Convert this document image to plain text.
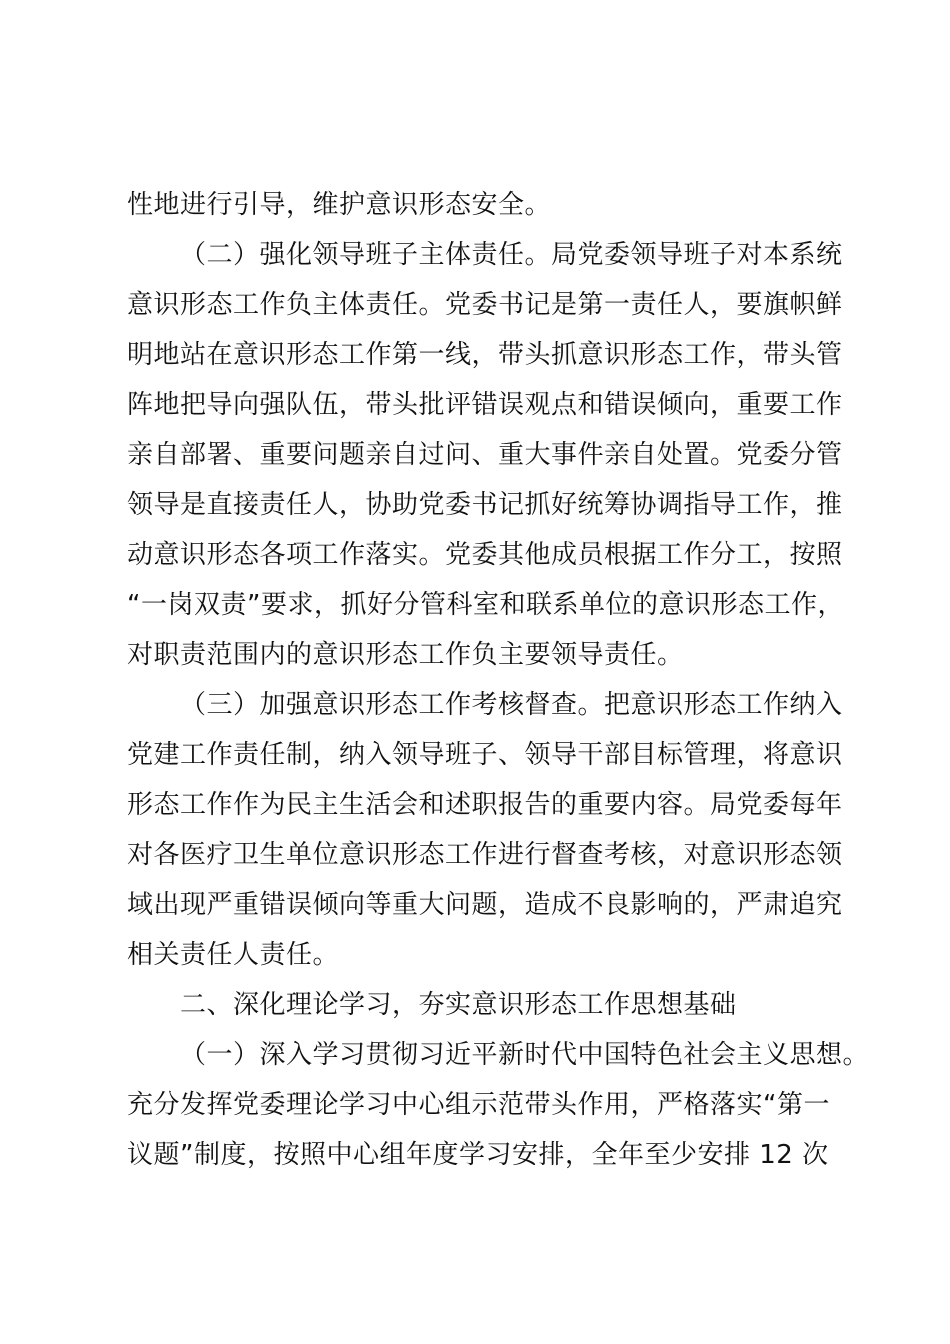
性地进行引导，维护意识形态安全。
（二）强化领导班子主体责任。局党委领导班子对本系统
意识形态工作负主体责任。党委书记是第一责任人，要旗帜鲜
明地站在意识形态工作第一线，带头抓意识形态工作，带头管
阵地把导向强队伍，带头批评错误观点和错误倾向，重要工作
亲自部署、重要问题亲自过问、重大事件亲自处置。党委分管
领导是直接责任人，协助党委书记抓好统筹协调指导工作，推
动意识形态各项工作落实。党委其他成员根据工作分工，按照
“一岗双责”要求，抓好分管科室和联系单位的意识形态工作，
对职责范围内的意识形态工作负主要领导责任。
（三）加强意识形态工作考核督查。把意识形态工作纳入
党建工作责任制，纳入领导班子、领导干部目标管理，将意识
形态工作作为民主生活会和述职报告的重要内容。局党委每年
对各医疗卫生单位意识形态工作进行督查考核，对意识形态领
域出现严重错误倾向等重大问题，造成不良影响的，严肃追究
相关责任人责任。
二、深化理论学习，夯实意识形态工作思想基础
（一）深入学习贯彻习近平新时代中国特色社会主义思想。
充分发挥党委理论学习中心组示范带头作用，严格落实“第一
议题”制度，按照中心组年度学习安排，全年至少安排 12 次
